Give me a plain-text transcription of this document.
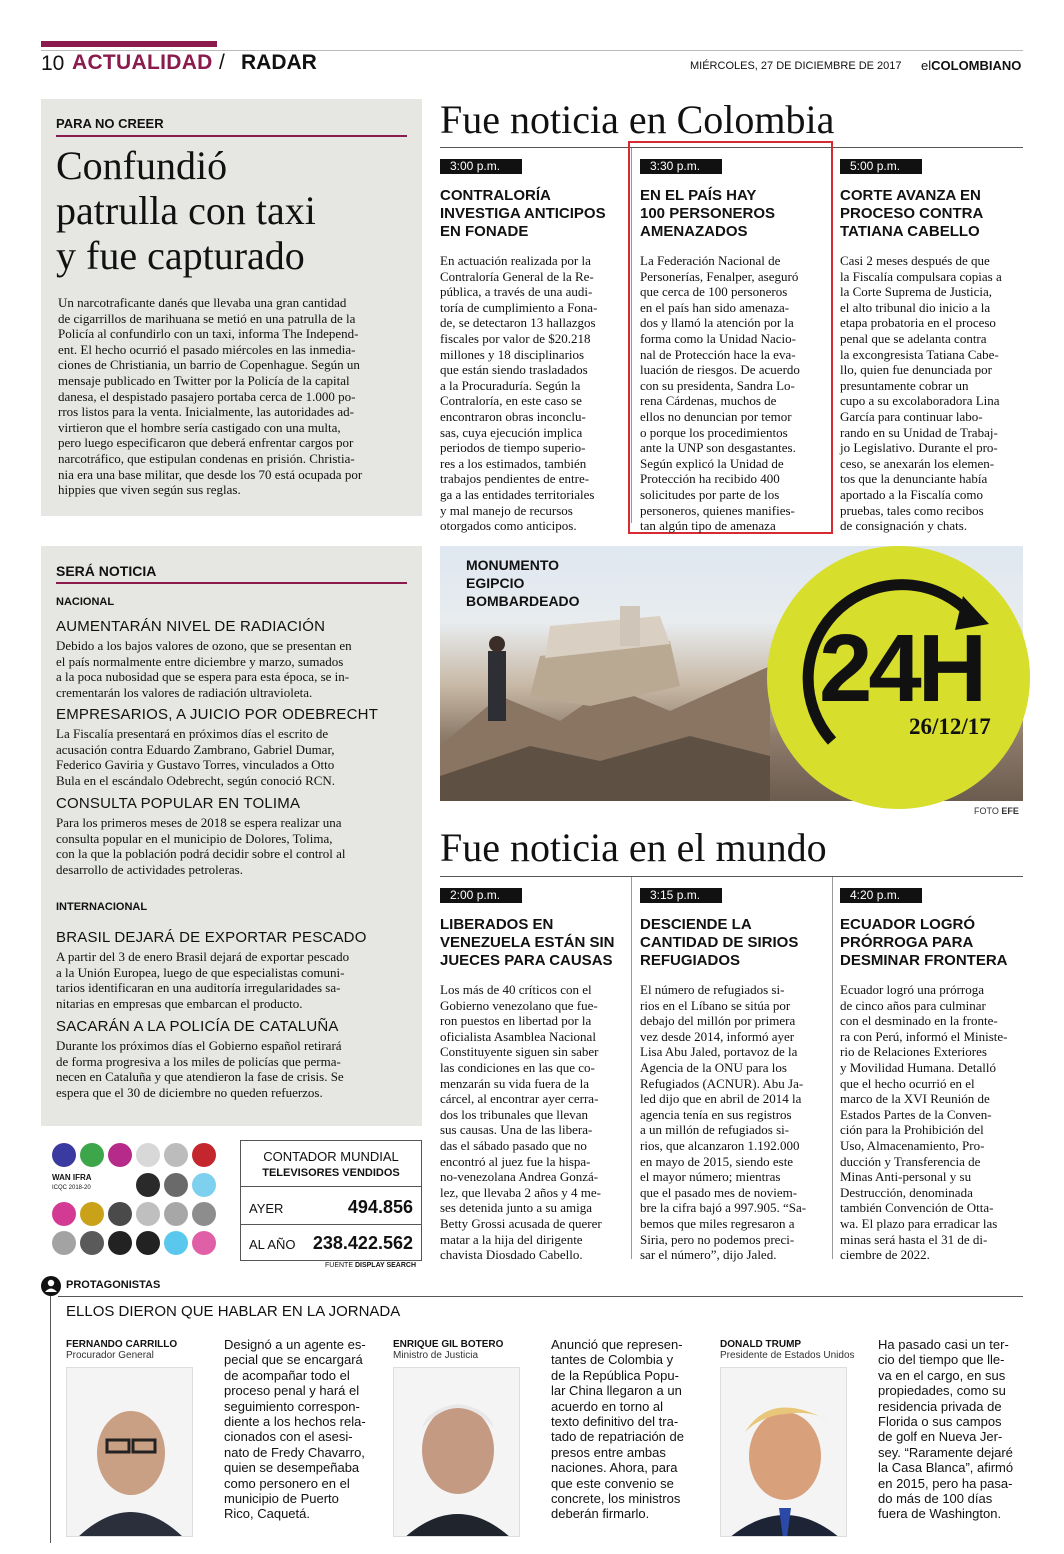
10 ACTUALIDAD / RADAR	MIÉRCOLES, 27 DE DICIEMBRE DE 2017 elCOLOMBIANO
PARA NO CREER
Confundió
patrulla con taxi
y fue capturado
Un narcotraficante danés que llevaba una gran cantidad
de cigarrillos de marihuana se metió en una patrulla de la
Policía al confundirlo con un taxi, informa The Independ-
ent. El hecho ocurrió el pasado miércoles en las inmedia-
ciones de Christiania, un barrio de Copenhague. Según un
mensaje publicado en Twitter por la Policía de la capital
danesa, el despistado pasajero portaba cerca de 1.000 po-
rros listos para la venta. Inicialmente, las autoridades ad-
virtieron que el hombre sería castigado con una multa,
pero luego especificaron que deberá enfrentar cargos por
narcotráfico, que estipulan condenas en prisión. Christia-
nia era una base militar, que desde los 70 está ocupada por
hippies que viven según sus reglas.
Fue noticia en Colombia
3:00 p.m.
CONTRALORÍA
INVESTIGA ANTICIPOS
EN FONADE
En actuación realizada por la
Contraloría General de la Re-
pública, a través de una audi-
toría de cumplimiento a Fona-
de, se detectaron 13 hallazgos
fiscales por valor de $20.218
millones y 18 disciplinarios
que están siendo trasladados
a la Procuraduría. Según la
Contraloría, en este caso se
encontraron obras inconclu-
sas, cuya ejecución implica
periodos de tiempo superio-
res a los estimados, también
trabajos pendientes de entre-
ga a las entidades territoriales
y mal manejo de recursos
otorgados como anticipos.
3:30 p.m.
EN EL PAÍS HAY
100 PERSONEROS
AMENAZADOS
La Federación Nacional de
Personerías, Fenalper, aseguró
que cerca de 100 personeros
en el país han sido amenaza-
dos y llamó la atención por la
forma como la Unidad Nacio-
nal de Protección hace la eva-
luación de riesgos. De acuerdo
con su presidenta, Sandra Lo-
rena Cárdenas, muchos de
ellos no denuncian por temor
o porque los procedimientos
ante la UNP son desgastantes.
Según explicó la Unidad de
Protección ha recibido 400
solicitudes por parte de los
personeros, quienes manifies-
tan algún tipo de amenaza
5:00 p.m.
CORTE AVANZA EN
PROCESO CONTRA
TATIANA CABELLO
Casi 2 meses después de que
la Fiscalía compulsara copias a
la Corte Suprema de Justicia,
el alto tribunal dio inicio a la
etapa probatoria en el proceso
penal que se adelanta contra
la excongresista Tatiana Cabe-
llo, quien fue denunciada por
presuntamente cobrar un
cupo a su excolaboradora Lina
García para continuar labo-
rando en su Unidad de Trabaj-
jo Legislativo. Durante el pro-
ceso, se anexarán los elemen-
tos que la denunciante había
aportado a la Fiscalía como
pruebas, tales como recibos
de consignación y chats.
SERÁ NOTICIA
NACIONAL
AUMENTARÁN NIVEL DE RADIACIÓN
Debido a los bajos valores de ozono, que se presentan en
el país normalmente entre diciembre y marzo, sumados
a la poca nubosidad que se espera para esta época, se in-
crementarán los valores de radiación ultravioleta.
EMPRESARIOS, A JUICIO POR ODEBRECHT
La Fiscalía presentará en próximos días el escrito de
acusación contra Eduardo Zambrano, Gabriel Dumar,
Federico Gaviria y Gustavo Torres, vinculados a Otto
Bula en el escándalo Odebrecht, según conoció RCN.
CONSULTA POPULAR EN TOLIMA
Para los primeros meses de 2018 se espera realizar una
consulta popular en el municipio de Dolores, Tolima,
con la que la población podrá decidir sobre el control al
desarrollo de actividades petroleras.
INTERNACIONAL
BRASIL DEJARÁ DE EXPORTAR PESCADO
A partir del 3 de enero Brasil dejará de exportar pescado
a la Unión Europea, luego de que especialistas comuni-
tarios identificaran en una auditoría irregularidades sa-
nitarias en empresas que embarcan el producto.
SACARÁN A LA POLICÍA DE CATALUÑA
Durante los próximos días el Gobierno español retirará
de forma progresiva a los miles de policías que perma-
necen en Cataluña y que atendieron la fase de crisis. Se
espera que el 30 de diciembre no queden refuerzos.
MONUMENTO
EGIPCIO
BOMBARDEADO
24H
26/12/17
FOTO EFE
Fue noticia en el mundo
2:00 p.m.
LIBERADOS EN
VENEZUELA ESTÁN SIN
JUECES PARA CAUSAS
Los más de 40 críticos con el
Gobierno venezolano que fue-
ron puestos en libertad por la
oficialista Asamblea Nacional
Constituyente siguen sin saber
las condiciones en las que co-
menzarán su vida fuera de la
cárcel, al encontrar ayer cerra-
dos los tribunales que llevan
sus causas. Una de las libera-
das el sábado pasado que no
encontró al juez fue la hispa-
no-venezolana Andrea Gonzá-
lez, que llevaba 2 años y 4 me-
ses detenida junto a su amiga
Betty Grossi acusada de querer
matar a la hija del dirigente
chavista Diosdado Cabello.
3:15 p.m.
DESCIENDE LA
CANTIDAD DE SIRIOS
REFUGIADOS
El número de refugiados si-
rios en el Líbano se sitúa por
debajo del millón por primera
vez desde 2014, informó ayer
Lisa Abu Jaled, portavoz de la
Agencia de la ONU para los
Refugiados (ACNUR). Abu Ja-
led dijo que en abril de 2014 la
agencia tenía en sus registros
a un millón de refugiados si-
rios, que alcanzaron 1.192.000
en mayo de 2015, siendo este
el mayor número; mientras
que el pasado mes de noviem-
bre la cifra bajó a 997.905. “Sa-
bemos que miles regresaron a
Siria, pero no podemos preci-
sar el número”, dijo Jaled.
4:20 p.m.
ECUADOR LOGRÓ
PRÓRROGA PARA
DESMINAR FRONTERA
Ecuador logró una prórroga
de cinco años para culminar
con el desminado en la fronte-
ra con Perú, informó el Ministe-
rio de Relaciones Exteriores
y Movilidad Humana. Detalló
que el hecho ocurrió en el
marco de la XVI Reunión de
Estados Partes de la Conven-
ción para la Prohibición del
Uso, Almacenamiento, Pro-
ducción y Transferencia de
Minas Anti-personal y su
Destrucción, denominada
también Convención de Otta-
wa. El plazo para erradicar las
minas será hasta el 31 de di-
ciembre de 2022.
WAN IFRA
ICQC 2018-20
CONTADOR MUNDIAL
TELEVISORES VENDIDOS
AYER	494.856
AL AÑO 238.422.562
FUENTE DISPLAY SEARCH
PROTAGONISTAS
ELLOS DIERON QUE HABLAR EN LA JORNADA
FERNANDO CARRILLO
Procurador General
Designó a un agente es-
pecial que se encargará
de acompañar todo el
proceso penal y hará el
seguimiento correspon-
diente a los hechos rela-
cionados con el asesi-
nato de Fredy Chavarro,
quien se desempeñaba
como personero en el
municipio de Puerto
Rico, Caquetá.
ENRIQUE GIL BOTERO
Ministro de Justicia
Anunció que represen-
tantes de Colombia y
de la República Popu-
lar China llegaron a un
acuerdo en torno al
texto definitivo del tra-
tado de repatriación de
presos entre ambas
naciones. Ahora, para
que este convenio se
concrete, los ministros
deberán firmarlo.
DONALD TRUMP
Presidente de Estados Unidos
Ha pasado casi un ter-
cio del tiempo que lle-
va en el cargo, en sus
propiedades, como su
residencia privada de
Florida o sus campos
de golf en Nueva Jer-
sey. “Raramente dejaré
la Casa Blanca”, afirmó
en 2015, pero ha pasa-
do más de 100 días
fuera de Washington.
